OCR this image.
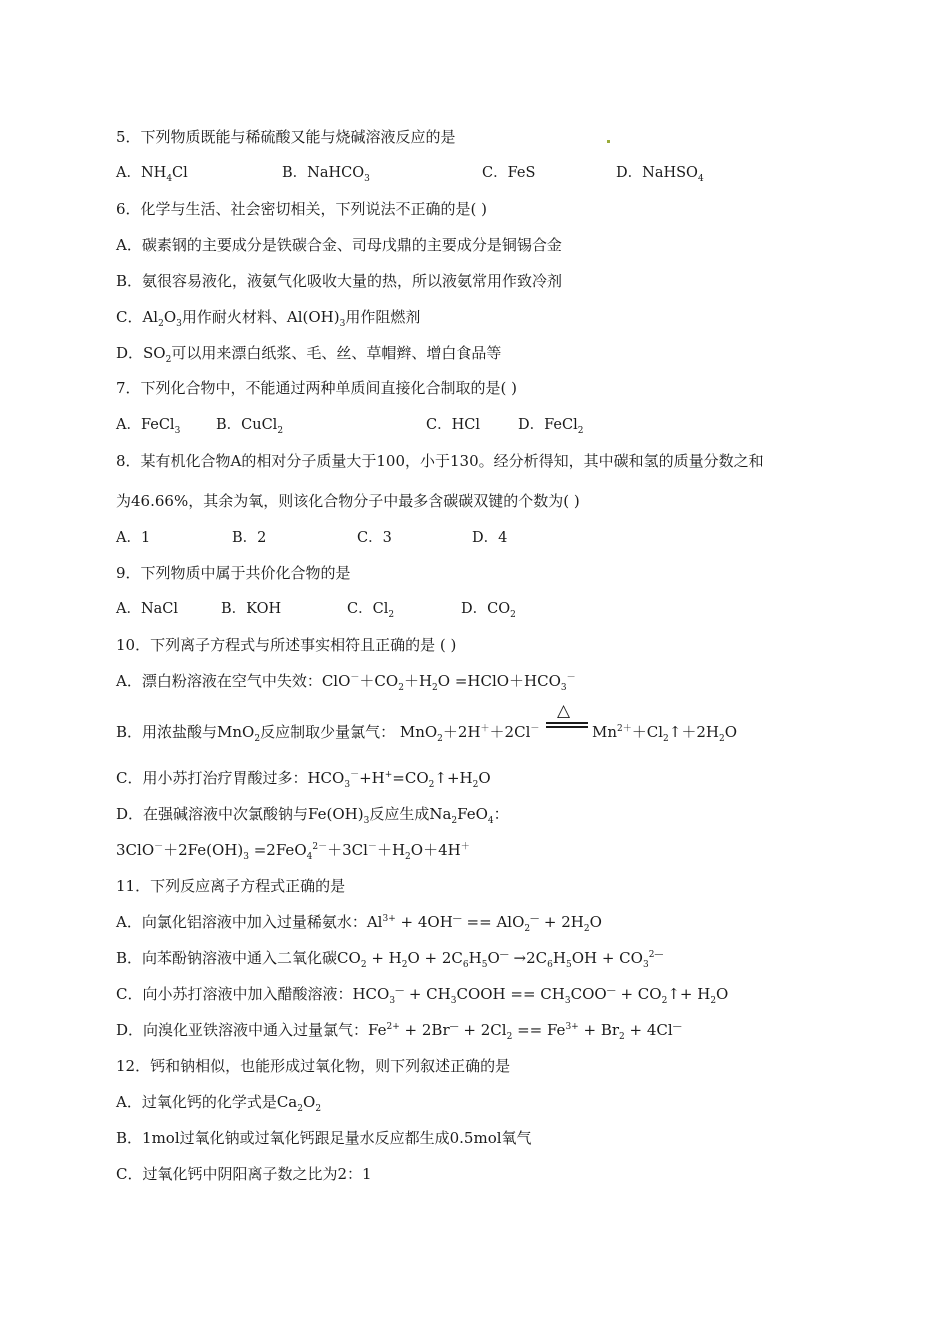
5．下列物质既能与稀硫酸又能与烧碱溶液反应的是
A．$NH_4Cl$	B．NaHCO$_3$	C．FeS	D．NaHSO$_4$
6．化学与生活、社会密切相关，下列说法不正确的是( )
A．碳素钢的主要成分是铁碳合金、司母戊鼎的主要成分是铜锡合金
B．氨很容易液化，液氨气化吸收大量的热，所以液氨常用作致冷剂
C．$Al_2O_3$用作耐火材料、$Al(OH)_3$用作阻燃剂
D．$SO_2$可以用来漂白纸浆、毛、丝、草帽辫、增白食品等
7．下列化合物中，不能通过两种单质间直接化合制取的是( )
A．FeCl$_3$ B．CuCl$_2$	C．HCl	D．FeCl$_2$
8．某有机化合物A的相对分子质量大于100，小于130。经分析得知，其中碳和氢的质量分数之和
为46.66%，其余为氧，则该化合物分子中最多含碳碳双键的个数为( )
A．1	B．2	C．3	D．4
9．下列物质中属于共价化合物的是
A．NaCl	B．KOH	C．$Cl_2$	D．$CO_2$
10．下列离子方程式与所述事实相符且正确的是 ( )
A．漂白粉溶液在空气中失效：$ClO^-+CO_2+H_2O$ $=HClO+HCO_3^-$
△
B．用浓盐酸与MnO$_2$反应制取少量氯气： MnO$_2$＋2H＋＋2Cl－	$Mn^{2+}+Cl_2↑+2H_2O$
C．用小苏打治疗胃酸过多：$HCO_3^-+H^+=CO_2↑+H_2O$
D．在强碱溶液中次氯酸钠与$Fe(OH)_3$反应生成$Na_2FeO_4$：
$3ClO^-+2Fe(OH)_3 =2FeO_4^{2-}+3Cl^-+H_2O+4H^+$
11．下列反应离子方程式正确的是
A．向氯化铝溶液中加入过量稀氨水：$Al^{3+} + 4OH^— == AlO_2^— + 2H_2O$
B．向苯酚钠溶液中通入二氧化碳$CO_2 + H_2O + 2C_6H_5O^— \to 2C_6H_5OH + CO_3^{2—}$
C．向小苏打溶液中加入醋酸溶液：$HCO_3^—$ + $CH_3COOH == CH_3COO^—$ + $CO_2↑+ H_2O$
D．向溴化亚铁溶液中通入过量氯气：$Fe^{2+} + 2Br^— + 2Cl_2 == Fe^{3+} + Br_2 + 4Cl^—$
12．钙和钠相似，也能形成过氧化物，则下列叙述正确的是
A．过氧化钙的化学式是$Ca_2O_2$
B．1mol过氧化钠或过氧化钙跟足量水反应都生成0.5mol氧气
C．过氧化钙中阴阳离子数之比为2：1
